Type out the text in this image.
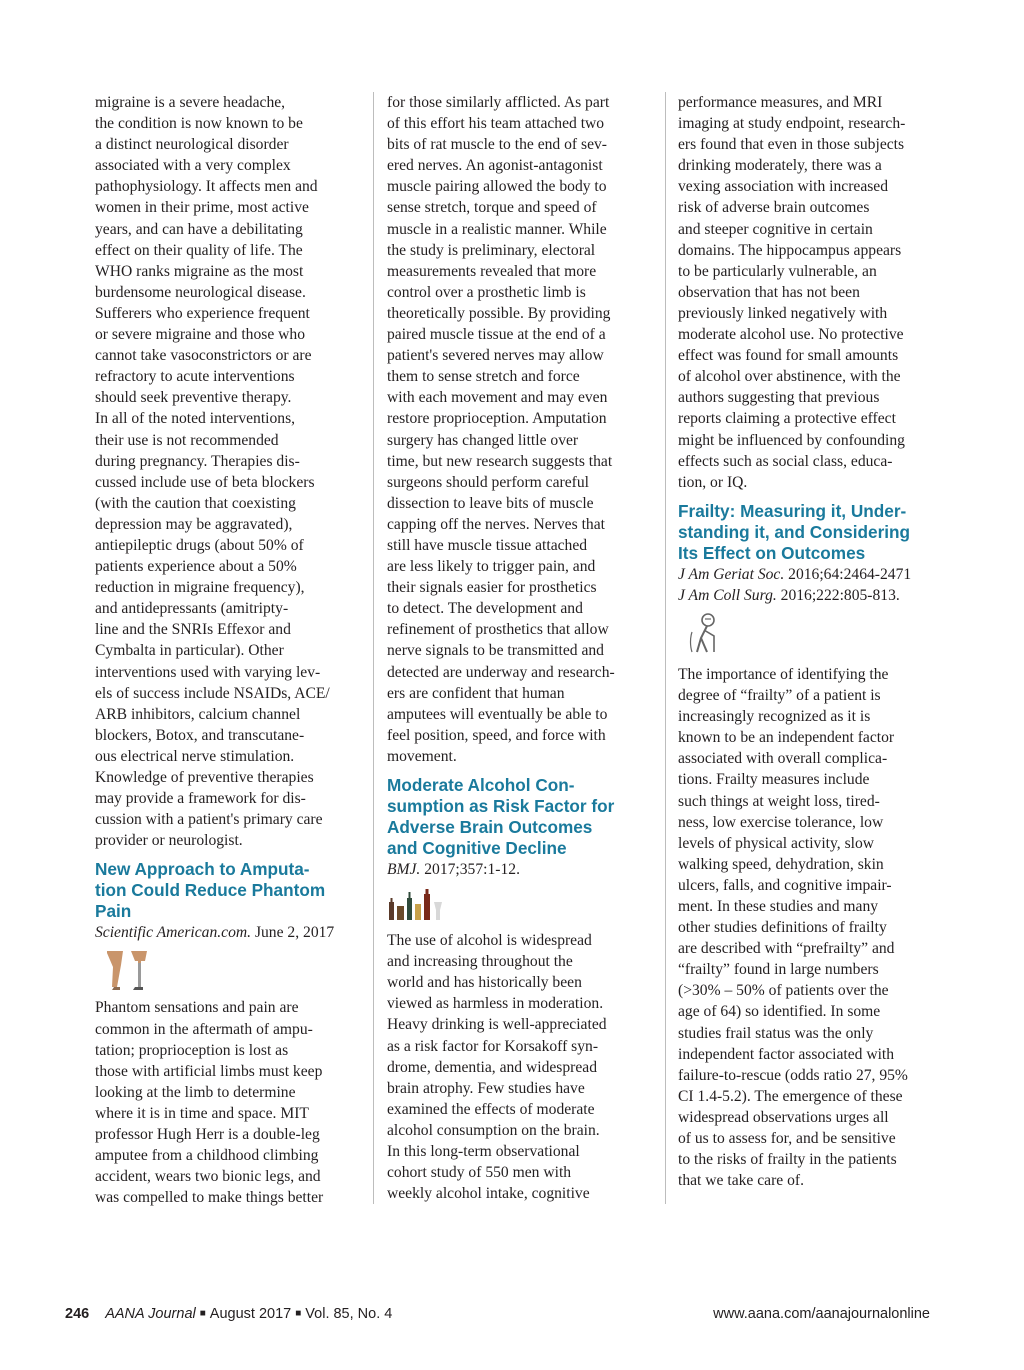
migraine is a severe headache,
the condition is now known to be
a distinct neurological disorder
associated with a very complex
pathophysiology. It affects men and
women in their prime, most active
years, and can have a debilitating
effect on their quality of life. The
WHO ranks migraine as the most
burdensome neurological disease.
Sufferers who experience frequent
or severe migraine and those who
cannot take vasoconstrictors or are
refractory to acute interventions
should seek preventive therapy.
In all of the noted interventions,
their use is not recommended
during pregnancy. Therapies dis-
cussed include use of beta blockers
(with the caution that coexisting
depression may be aggravated),
antiepileptic drugs (about 50% of
patients experience about a 50%
reduction in migraine frequency),
and antidepressants (amitripty-
line and the SNRIs Effexor and
Cymbalta in particular). Other
interventions used with varying lev-
els of success include NSAIDs, ACE/
ARB inhibitors, calcium channel
blockers, Botox, and transcutane-
ous electrical nerve stimulation.
Knowledge of preventive therapies
may provide a framework for dis-
cussion with a patient's primary care
provider or neurologist.
New Approach to Amputa-
tion Could Reduce Phantom
Pain
Scientific American.com. June 2, 2017
Phantom sensations and pain are
common in the aftermath of ampu-
tation; proprioception is lost as
those with artificial limbs must keep
looking at the limb to determine
where it is in time and space. MIT
professor Hugh Herr is a double-leg
amputee from a childhood climbing
accident, wears two bionic legs, and
was compelled to make things better
for those similarly afflicted. As part
of this effort his team attached two
bits of rat muscle to the end of sev-
ered nerves. An agonist-antagonist
muscle pairing allowed the body to
sense stretch, torque and speed of
muscle in a realistic manner. While
the study is preliminary, electoral
measurements revealed that more
control over a prosthetic limb is
theoretically possible. By providing
paired muscle tissue at the end of a
patient's severed nerves may allow
them to sense stretch and force
with each movement and may even
restore proprioception. Amputation
surgery has changed little over
time, but new research suggests that
surgeons should perform careful
dissection to leave bits of muscle
capping off the nerves. Nerves that
still have muscle tissue attached
are less likely to trigger pain, and
their signals easier for prosthetics
to detect. The development and
refinement of prosthetics that allow
nerve signals to be transmitted and
detected are underway and research-
ers are confident that human
amputees will eventually be able to
feel position, speed, and force with
movement.
Moderate Alcohol Con-
sumption as Risk Factor for
Adverse Brain Outcomes
and Cognitive Decline
BMJ. 2017;357:1-12.
The use of alcohol is widespread
and increasing throughout the
world and has historically been
viewed as harmless in moderation.
Heavy drinking is well-appreciated
as a risk factor for Korsakoff syn-
drome, dementia, and widespread
brain atrophy. Few studies have
examined the effects of moderate
alcohol consumption on the brain.
In this long-term observational
cohort study of 550 men with
weekly alcohol intake, cognitive
performance measures, and MRI
imaging at study endpoint, research-
ers found that even in those subjects
drinking moderately, there was a
vexing association with increased
risk of adverse brain outcomes
and steeper cognitive in certain
domains. The hippocampus appears
to be particularly vulnerable, an
observation that has not been
previously linked negatively with
moderate alcohol use. No protective
effect was found for small amounts
of alcohol over abstinence, with the
authors suggesting that previous
reports claiming a protective effect
might be influenced by confounding
effects such as social class, educa-
tion, or IQ.
Frailty: Measuring it, Under-
standing it, and Considering
Its Effect on Outcomes
J Am Geriat Soc. 2016;64:2464-2471
J Am Coll Surg. 2016;222:805-813.
The importance of identifying the
degree of “frailty” of a patient is
increasingly recognized as it is
known to be an independent factor
associated with overall complica-
tions. Frailty measures include
such things at weight loss, tired-
ness, low exercise tolerance, low
levels of physical activity, slow
walking speed, dehydration, skin
ulcers, falls, and cognitive impair-
ment. In these studies and many
other studies definitions of frailty
are described with “prefrailty” and
“frailty” found in large numbers
(>30% – 50% of patients over the
age of 64) so identified. In some
studies frail status was the only
independent factor associated with
failure-to-rescue (odds ratio 27, 95%
CI 1.4-5.2). The emergence of these
widespread observations urges all
of us to assess for, and be sensitive
to the risks of frailty in the patients
that we take care of.
246 AANA Journal ■ August 2017 ■ Vol. 85, No. 4	www.aana.com/aanajournalonline
